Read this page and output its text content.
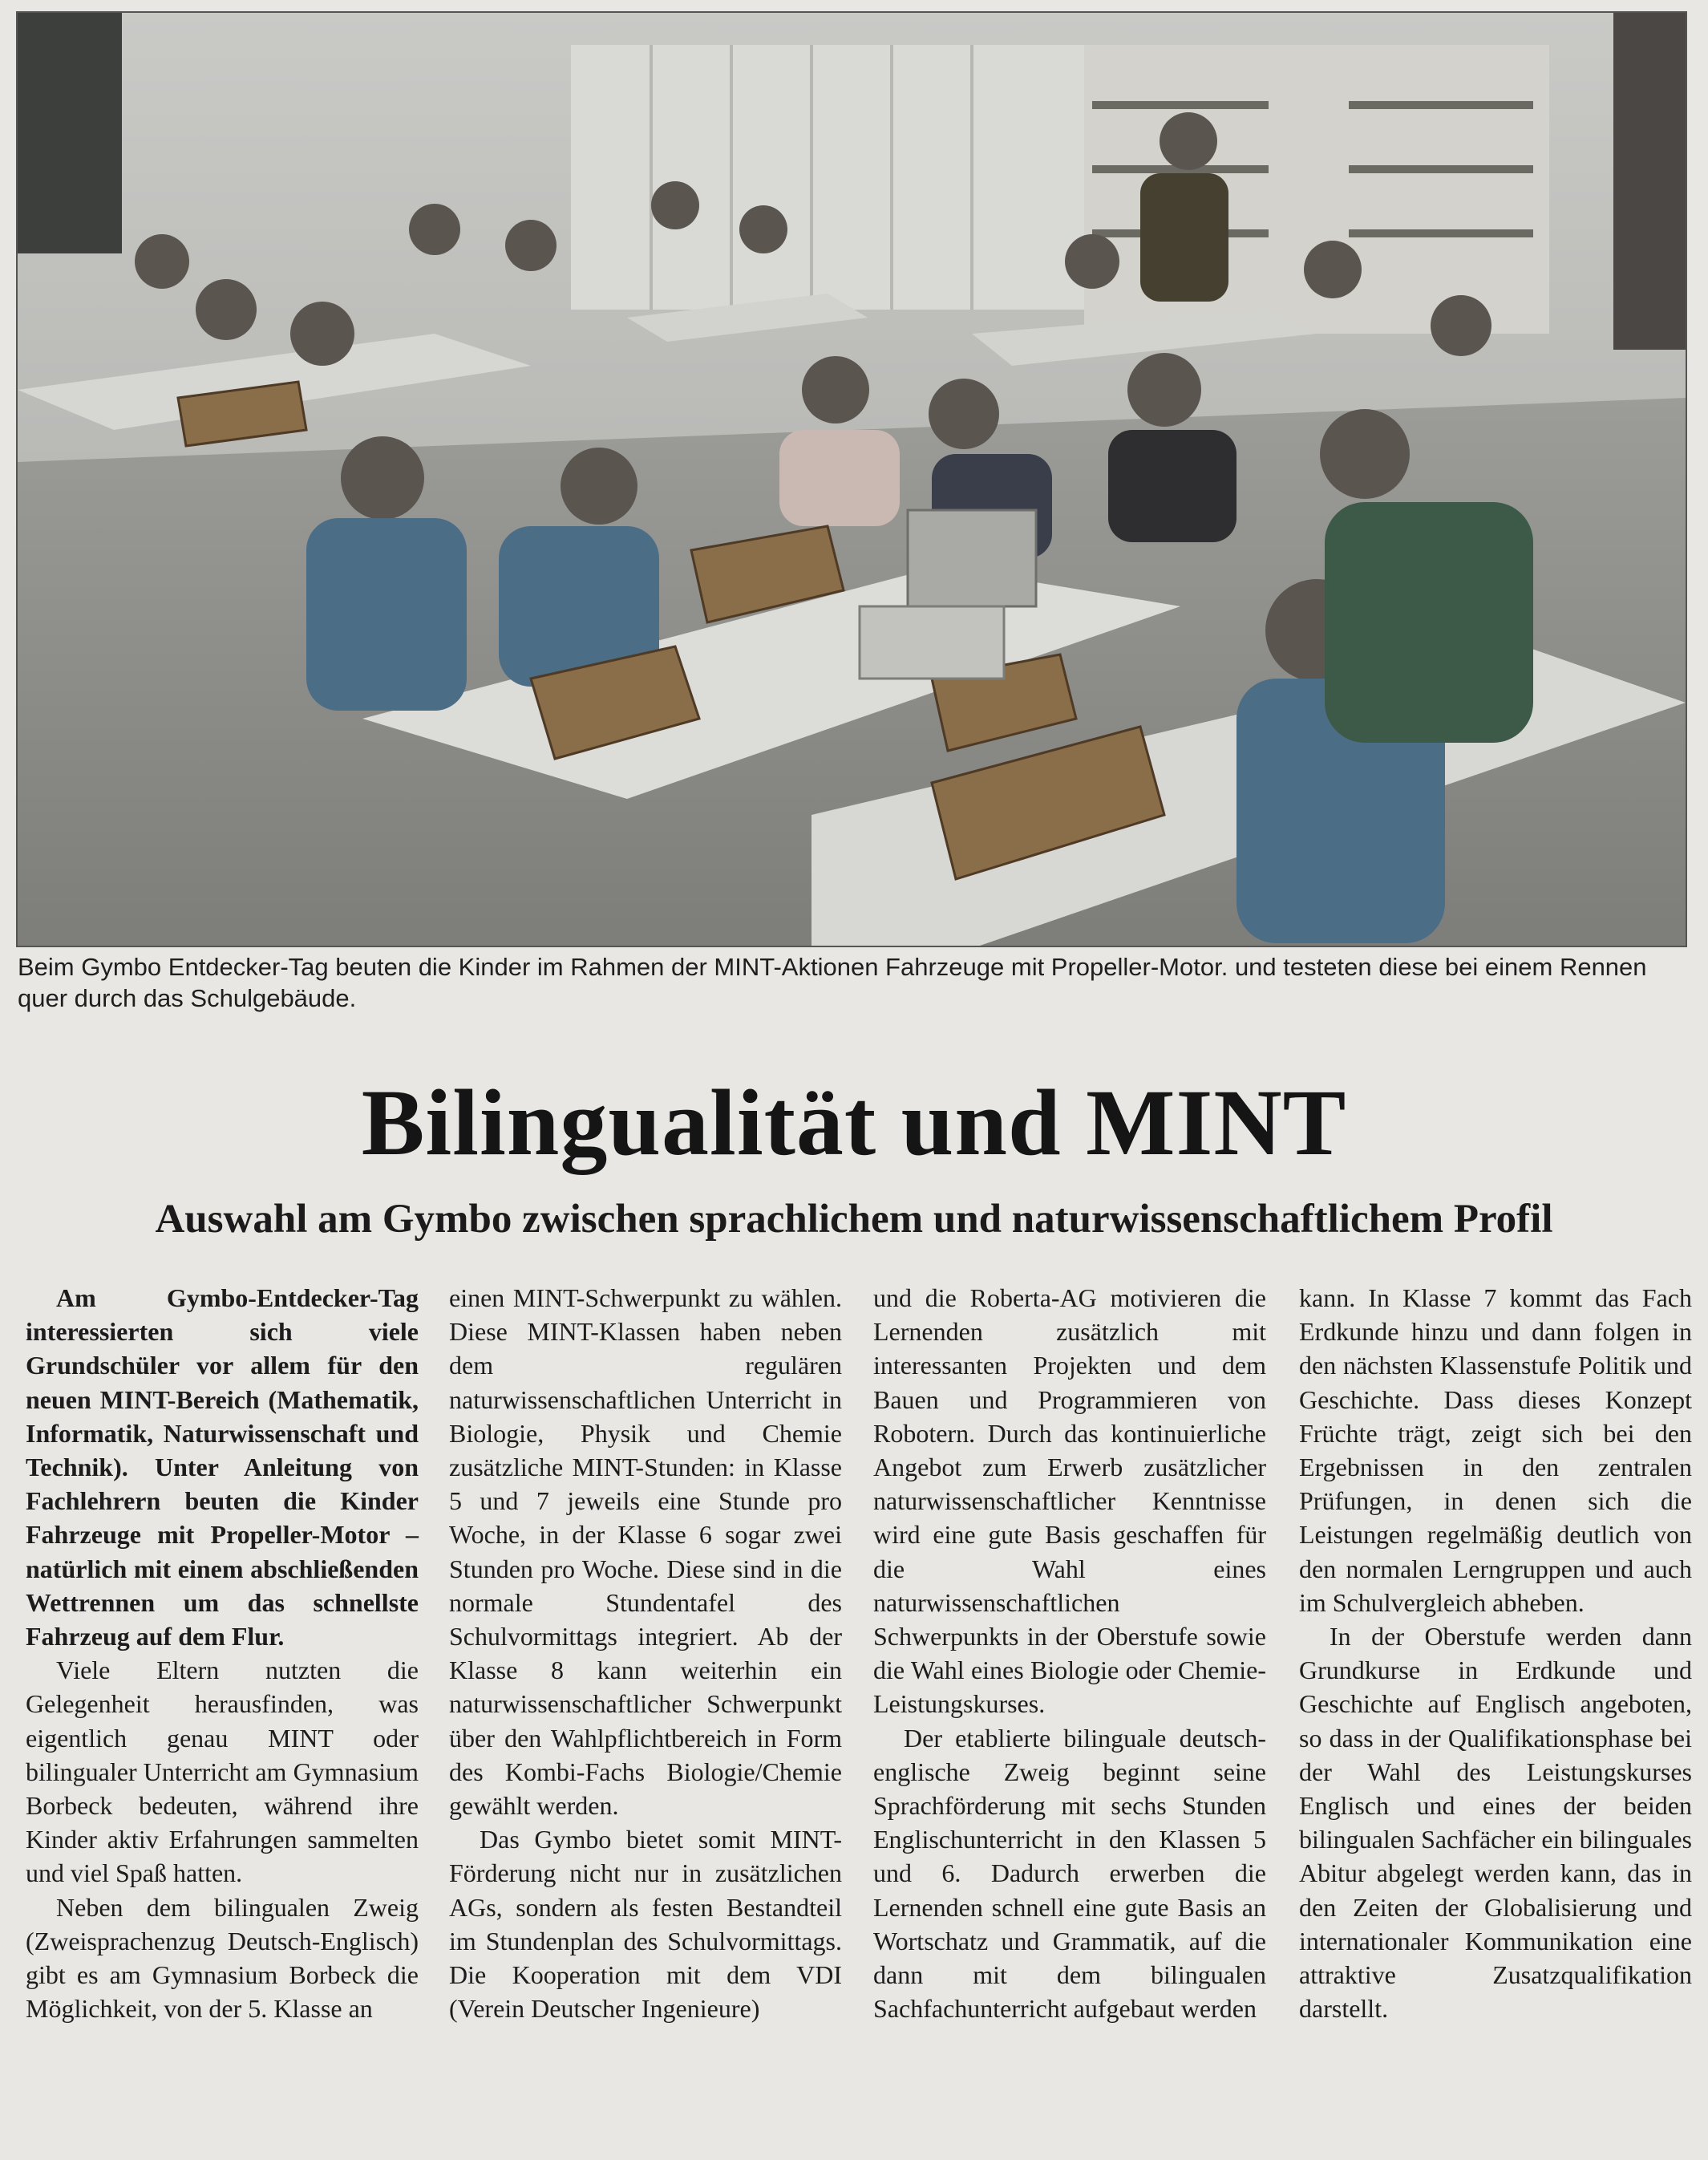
Beim Gymbo Entdecker-Tag beuten die Kinder im Rahmen der MINT-Aktionen Fahrzeuge mit Propeller-Motor. und testeten diese bei einem Rennen quer durch das Schulgebäude.
Bilingualität und MINT
Auswahl am Gymbo zwischen sprachlichem und naturwissenschaftlichem Profil

Am Gymbo-Entdecker-Tag interessierten sich viele Grundschüler vor allem für den neuen MINT-Bereich (Mathematik, Informatik, Naturwissenschaft und Technik). Unter Anleitung von Fachlehrern beuten die Kinder Fahrzeuge mit Propeller-Motor – natürlich mit einem abschließenden Wettrennen um das schnellste Fahrzeug auf dem Flur.

Viele Eltern nutzten die Gelegenheit herausfinden, was eigentlich genau MINT oder bilingualer Unterricht am Gymnasium Borbeck bedeuten, während ihre Kinder aktiv Erfahrungen sammelten und viel Spaß hatten.

Neben dem bilingualen Zweig (Zweisprachenzug Deutsch-Englisch) gibt es am Gymnasium Borbeck die Möglichkeit, von der 5. Klasse an

einen MINT-Schwerpunkt zu wählen. Diese MINT-Klassen haben neben dem regulären naturwissenschaftlichen Unterricht in Biologie, Physik und Chemie zusätzliche MINT-Stunden: in Klasse 5 und 7 jeweils eine Stunde pro Woche, in der Klasse 6 sogar zwei Stunden pro Woche. Diese sind in die normale Stundentafel des Schulvormittags integriert. Ab der Klasse 8 kann weiterhin ein naturwissenschaftlicher Schwerpunkt über den Wahlpflichtbereich in Form des Kombi-Fachs Biologie/Chemie gewählt werden.

Das Gymbo bietet somit MINT-Förderung nicht nur in zusätzlichen AGs, sondern als festen Bestandteil im Stundenplan des Schulvormittags. Die Kooperation mit dem VDI (Verein Deutscher Ingenieure)

und die Roberta-AG motivieren die Lernenden zusätzlich mit interessanten Projekten und dem Bauen und Programmieren von Robotern. Durch das kontinuierliche Angebot zum Erwerb zusätzlicher naturwissenschaftlicher Kenntnisse wird eine gute Basis geschaffen für die Wahl eines naturwissenschaftlichen Schwerpunkts in der Oberstufe sowie die Wahl eines Biologie oder Chemie-Leistungskurses.

Der etablierte bilinguale deutsch-englische Zweig beginnt seine Sprachförderung mit sechs Stunden Englischunterricht in den Klassen 5 und 6. Dadurch erwerben die Lernenden schnell eine gute Basis an Wortschatz und Grammatik, auf die dann mit dem bilingualen Sachfachunterricht aufgebaut werden

kann. In Klasse 7 kommt das Fach Erdkunde hinzu und dann folgen in den nächsten Klassenstufe Politik und Geschichte. Dass dieses Konzept Früchte trägt, zeigt sich bei den Ergebnissen in den zentralen Prüfungen, in denen sich die Leistungen regelmäßig deutlich von den normalen Lerngruppen und auch im Schulvergleich abheben.

In der Oberstufe werden dann Grundkurse in Erdkunde und Geschichte auf Englisch angeboten, so dass in der Qualifikationsphase bei der Wahl des Leistungskurses Englisch und eines der beiden bilingualen Sachfächer ein bilinguales Abitur abgelegt werden kann, das in den Zeiten der Globalisierung und internationaler Kommunikation eine attraktive Zusatzqualifikation darstellt.
